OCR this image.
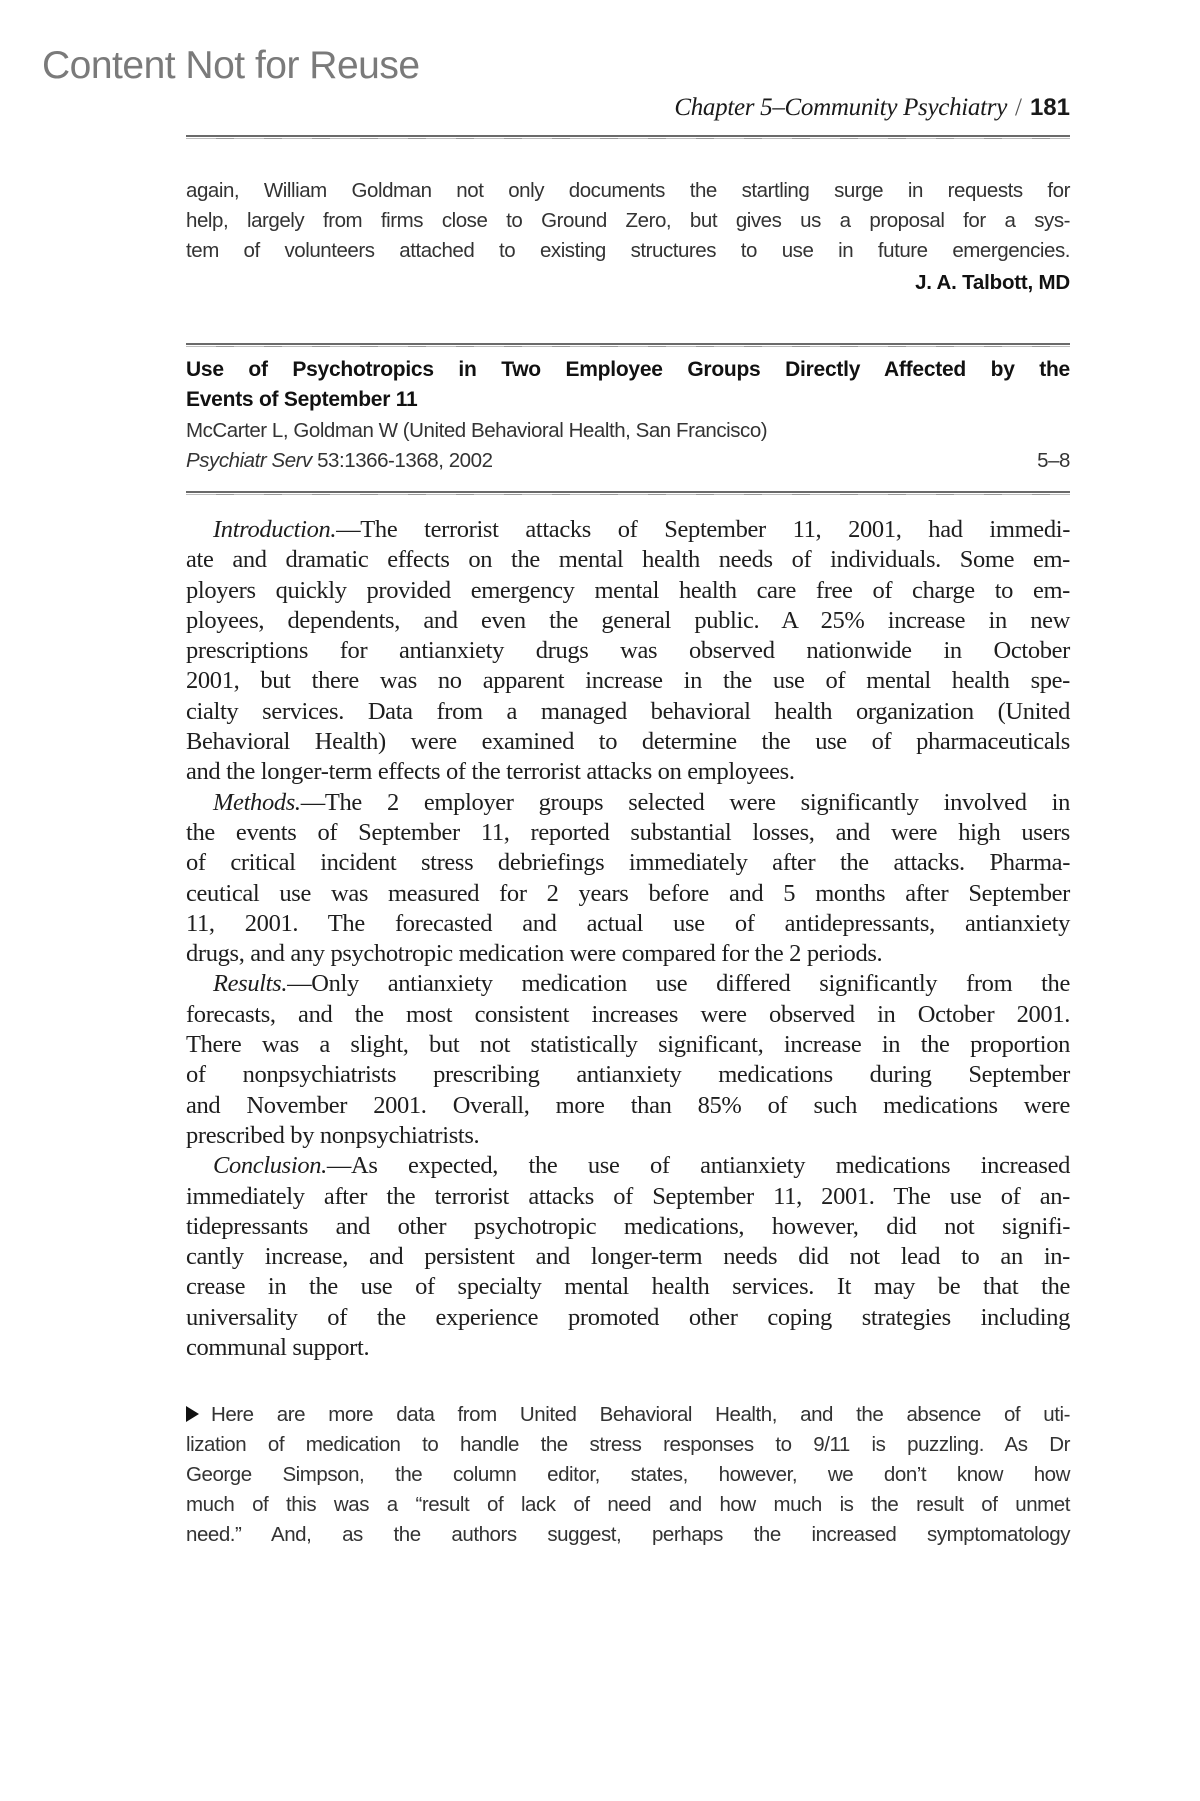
Content Not for Reuse
Chapter 5–Community Psychiatry / 181
again, William Goldman not only documents the startling surge in requests for
help, largely from firms close to Ground Zero, but gives us a proposal for a sys-
tem of volunteers attached to existing structures to use in future emergencies.
J. A. Talbott, MD
Use of Psychotropics in Two Employee Groups Directly Affected by the
Events of September 11
McCarter L, Goldman W (United Behavioral Health, San Francisco)
Psychiatr Serv 53:1366-1368, 2002	5–8
Introduction.—The terrorist attacks of September 11, 2001, had immedi-
ate and dramatic effects on the mental health needs of individuals. Some em-
ployers quickly provided emergency mental health care free of charge to em-
ployees, dependents, and even the general public. A 25% increase in new
prescriptions for antianxiety drugs was observed nationwide in October
2001, but there was no apparent increase in the use of mental health spe-
cialty services. Data from a managed behavioral health organization (United
Behavioral Health) were examined to determine the use of pharmaceuticals
and the longer-term effects of the terrorist attacks on employees.
Methods.—The 2 employer groups selected were significantly involved in
the events of September 11, reported substantial losses, and were high users
of critical incident stress debriefings immediately after the attacks. Pharma-
ceutical use was measured for 2 years before and 5 months after September
11, 2001. The forecasted and actual use of antidepressants, antianxiety
drugs, and any psychotropic medication were compared for the 2 periods.
Results.—Only antianxiety medication use differed significantly from the
forecasts, and the most consistent increases were observed in October 2001.
There was a slight, but not statistically significant, increase in the proportion
of nonpsychiatrists prescribing antianxiety medications during September
and November 2001. Overall, more than 85% of such medications were
prescribed by nonpsychiatrists.
Conclusion.—As expected, the use of antianxiety medications increased
immediately after the terrorist attacks of September 11, 2001. The use of an-
tidepressants and other psychotropic medications, however, did not signifi-
cantly increase, and persistent and longer-term needs did not lead to an in-
crease in the use of specialty mental health services. It may be that the
universality of the experience promoted other coping strategies including
communal support.
Here are more data from United Behavioral Health, and the absence of uti-
lization of medication to handle the stress responses to 9/11 is puzzling. As Dr
George Simpson, the column editor, states, however, we don’t know how
much of this was a “result of lack of need and how much is the result of unmet
need.” And, as the authors suggest, perhaps the increased symptomatology
